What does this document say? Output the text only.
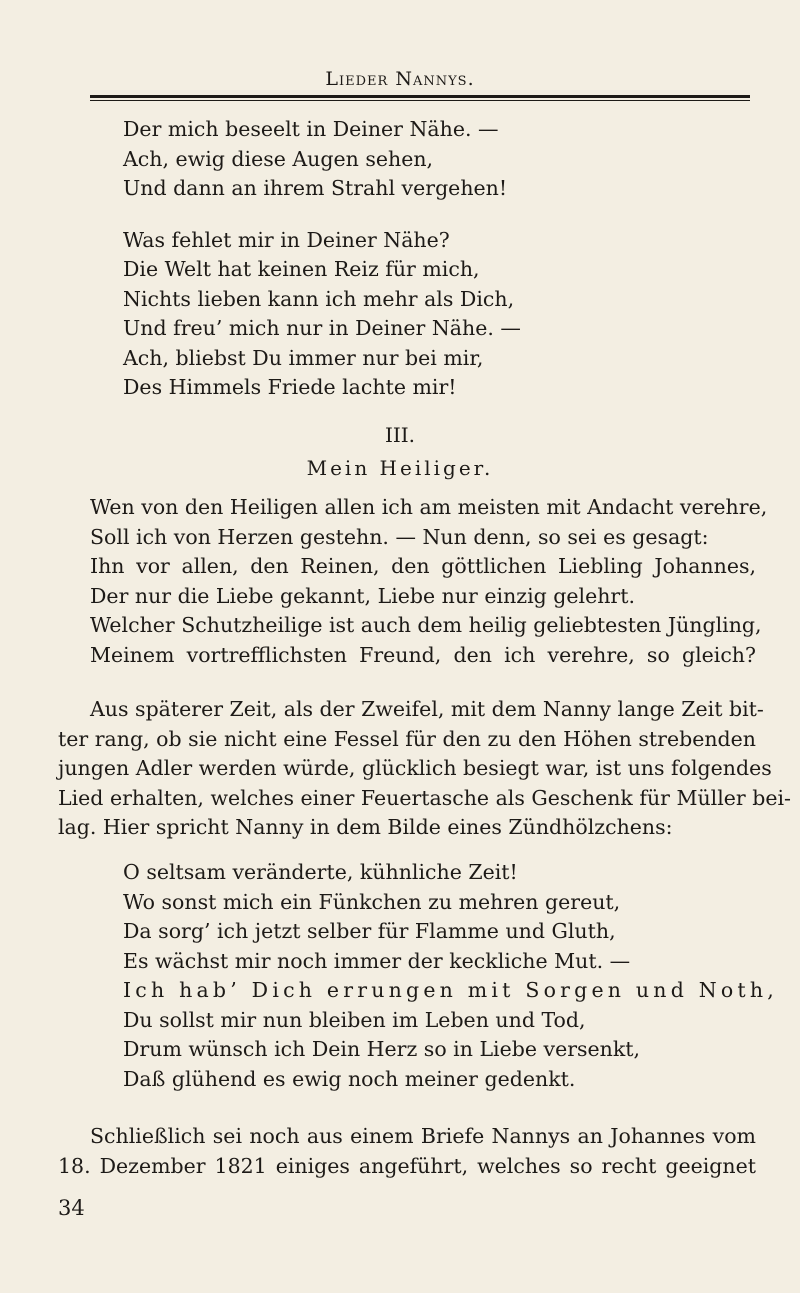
Lieder Nannys.
Der mich beseelt in Deiner Nähe. —
Ach, ewig diese Augen sehen,
Und dann an ihrem Strahl vergehen!
Was fehlet mir in Deiner Nähe?
Die Welt hat keinen Reiz für mich,
Nichts lieben kann ich mehr als Dich,
Und freu’ mich nur in Deiner Nähe. —
Ach, bliebst Du immer nur bei mir,
Des Himmels Friede lachte mir!
III.
Mein Heiliger.
Wen von den Heiligen allen ich am meisten mit Andacht verehre,
Soll ich von Herzen gestehn. — Nun denn, so sei es gesagt:
Ihn vor allen, den Reinen, den göttlichen Liebling Johannes,
Der nur die Liebe gekannt, Liebe nur einzig gelehrt.
Welcher Schutzheilige ist auch dem heilig geliebtesten Jüngling,
Meinem vortrefflichsten Freund, den ich verehre, so gleich?
Aus späterer Zeit, als der Zweifel, mit dem Nanny lange Zeit bit-
ter rang, ob sie nicht eine Fessel für den zu den Höhen strebenden
jungen Adler werden würde, glücklich besiegt war, ist uns folgendes
Lied erhalten, welches einer Feuertasche als Geschenk für Müller bei-
lag. Hier spricht Nanny in dem Bilde eines Zündhölzchens:
O seltsam veränderte, kühnliche Zeit!
Wo sonst mich ein Fünkchen zu mehren gereut,
Da sorg’ ich jetzt selber für Flamme und Gluth,
Es wächst mir noch immer der keckliche Mut. —
Ich hab’ Dich errungen mit Sorgen und Noth,
Du sollst mir nun bleiben im Leben und Tod,
Drum wünsch ich Dein Herz so in Liebe versenkt,
Daß glühend es ewig noch meiner gedenkt.
Schließlich sei noch aus einem Briefe Nannys an Johannes vom
18. Dezember 1821 einiges angeführt, welches so recht geeignet
34
